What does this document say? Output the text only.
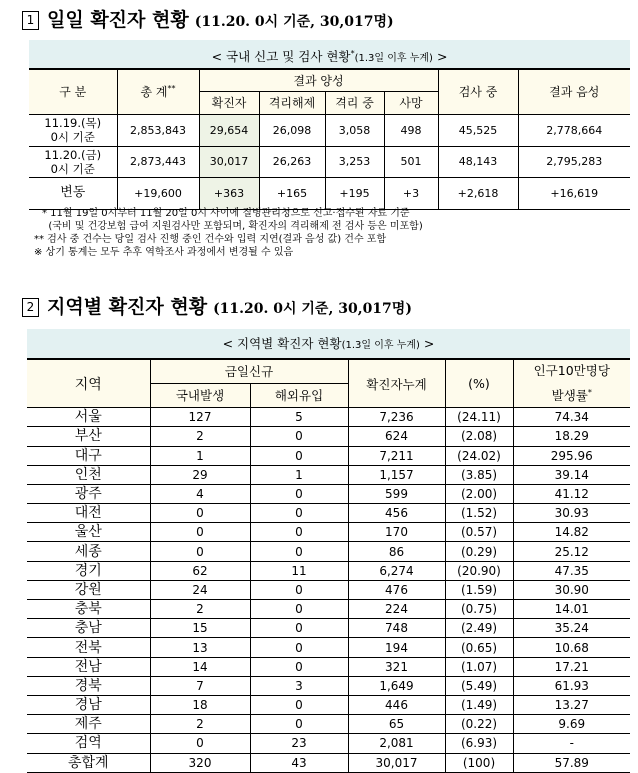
1 일일 확진자 현황 (11.20. 0시 기준, 30,017명)
< 국내 신고 및 검사 현황*(1.3일 이후 누계) >
구 분	총 계**	결과 양성				검사 중	결과 음성
		확진자	격리해제	격리 중	사망		

11.19.(목)
0시 기준	2,853,843	29,654	26,098	3,058	498	45,525	2,778,664

11.20.(금)
0시 기준	2,873,443	30,017	26,263	3,253	501	48,143	2,795,283
변동	+19,600	+363	+165	+195	+3	+2,618	+16,619
* 11월 19일 0시부터 11월 20일 0시 사이에 질병관리청으로 신고·접수된 자료 기준
(국비 및 건강보험 급여 지원검사만 포함되며, 확진자의 격리해제 전 검사 등은 미포함)
** 검사 중 건수는 당일 검사 진행 중인 건수와 입력 지연(결과 음성 값) 건수 포함
※ 상기 통계는 모두 추후 역학조사 과정에서 변경될 수 있음
2 지역별 확진자 현황 (11.20. 0시 기준, 30,017명)
< 지역별 확진자 현황(1.3일 이후 누계) >
지역	금일신규		확진자누계	(%)	인구10만명당
발생률*

	국내발생	해외유입			
서울	127	5	7,236	(24.11)	74.34
부산	2	0	624	(2.08)	18.29
대구	1	0	7,211	(24.02)	295.96
인천	29	1	1,157	(3.85)	39.14
광주	4	0	599	(2.00)	41.12
대전	0	0	456	(1.52)	30.93
울산	0	0	170	(0.57)	14.82
세종	0	0	86	(0.29)	25.12
경기	62	11	6,274	(20.90)	47.35
강원	24	0	476	(1.59)	30.90
충북	2	0	224	(0.75)	14.01
충남	15	0	748	(2.49)	35.24
전북	13	0	194	(0.65)	10.68
전남	14	0	321	(1.07)	17.21
경북	7	3	1,649	(5.49)	61.93
경남	18	0	446	(1.49)	13.27
제주	2	0	65	(0.22)	9.69
검역	0	23	2,081	(6.93)	-
총합계	320	43	30,017	(100)	57.89
